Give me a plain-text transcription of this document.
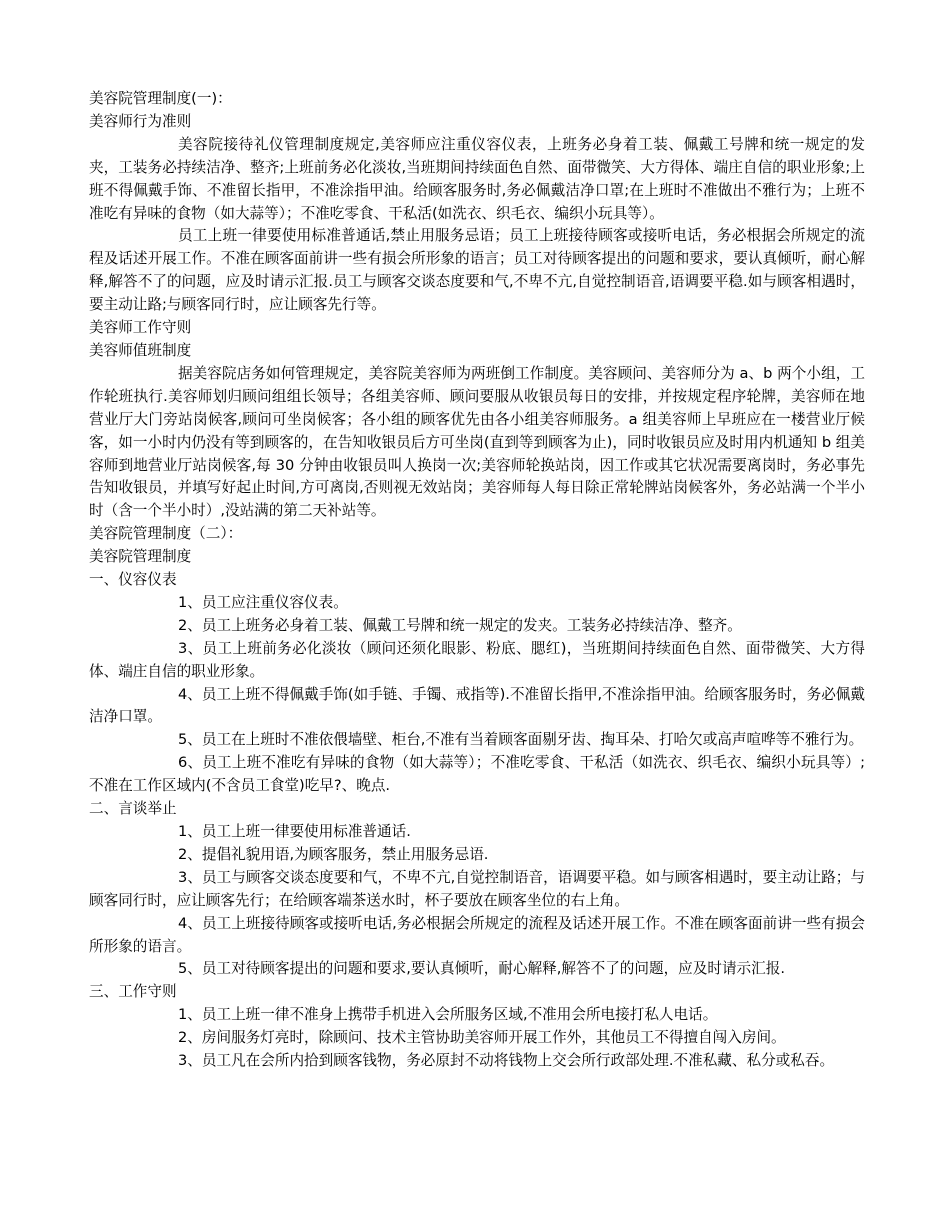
美容院管理制度(一)：

美容师行为准则

美容院接待礼仪管理制度规定,美容师应注重仪容仪表，上班务必身着工装、佩戴工号牌和统一规定的发夹，工装务必持续洁净、整齐;上班前务必化淡妆,当班期间持续面色自然、面带微笑、大方得体、端庄自信的职业形象;上班不得佩戴手饰、不准留长指甲，不准涂指甲油。给顾客服务时,务必佩戴洁净口罩;在上班时不准做出不雅行为；上班不准吃有异味的食物（如大蒜等）；不准吃零食、干私活(如洗衣、织毛衣、编织小玩具等）。

员工上班一律要使用标准普通话,禁止用服务忌语；员工上班接待顾客或接听电话，务必根据会所规定的流程及话述开展工作。不准在顾客面前讲一些有损会所形象的语言；员工对待顾客提出的问题和要求，要认真倾听，耐心解释,解答不了的问题，应及时请示汇报.员工与顾客交谈态度要和气,不卑不亢,自觉控制语音,语调要平稳.如与顾客相遇时，要主动让路;与顾客同行时，应让顾客先行等。

美容师工作守则

美容师值班制度

据美容院店务如何管理规定，美容院美容师为两班倒工作制度。美容顾问、美容师分为 a、b 两个小组，工作轮班执行.美容师划归顾问组组长领导；各组美容师、顾问要服从收银员每日的安排，并按规定程序轮牌，美容师在地营业厅大门旁站岗候客,顾问可坐岗候客；各小组的顾客优先由各小组美容师服务。a 组美容师上早班应在一楼营业厅候客，如一小时内仍没有等到顾客的，在告知收银员后方可坐岗(直到等到顾客为止)，同时收银员应及时用内机通知 b 组美容师到地营业厅站岗候客,每 30 分钟由收银员叫人换岗一次;美容师轮换站岗，因工作或其它状况需要离岗时，务必事先告知收银员，并填写好起止时间,方可离岗,否则视无效站岗；美容师每人每日除正常轮牌站岗候客外，务必站满一个半小时（含一个半小时）,没站满的第二天补站等。

美容院管理制度（二）：

美容院管理制度

一、仪容仪表

1、员工应注重仪容仪表。

2、员工上班务必身着工装、佩戴工号牌和统一规定的发夹。工装务必持续洁净、整齐。

3、员工上班前务必化淡妆（顾问还须化眼影、粉底、腮红)，当班期间持续面色自然、面带微笑、大方得体、端庄自信的职业形象。

4、员工上班不得佩戴手饰(如手链、手镯、戒指等).不准留长指甲,不准涂指甲油。给顾客服务时，务必佩戴洁净口罩。

5、员工在上班时不准依偎墙壁、柜台,不准有当着顾客面剔牙齿、掏耳朵、打哈欠或高声喧哗等不雅行为。

6、员工上班不准吃有异味的食物（如大蒜等）；不准吃零食、干私活（如洗衣、织毛衣、编织小玩具等）;不准在工作区域内(不含员工食堂)吃早?、晚点.

二、言谈举止

1、员工上班一律要使用标准普通话.

2、提倡礼貌用语,为顾客服务，禁止用服务忌语.

3、员工与顾客交谈态度要和气，不卑不亢,自觉控制语音，语调要平稳。如与顾客相遇时，要主动让路；与顾客同行时，应让顾客先行；在给顾客端茶送水时，杯子要放在顾客坐位的右上角。

4、员工上班接待顾客或接听电话,务必根据会所规定的流程及话述开展工作。不准在顾客面前讲一些有损会所形象的语言。

5、员工对待顾客提出的问题和要求,要认真倾听，耐心解释,解答不了的问题，应及时请示汇报.

三、工作守则

1、员工上班一律不准身上携带手机进入会所服务区域,不准用会所电接打私人电话。

2、房间服务灯亮时，除顾问、技术主管协助美容师开展工作外，其他员工不得擅自闯入房间。

3、员工凡在会所内拾到顾客钱物，务必原封不动将钱物上交会所行政部处理.不准私藏、私分或私吞。
